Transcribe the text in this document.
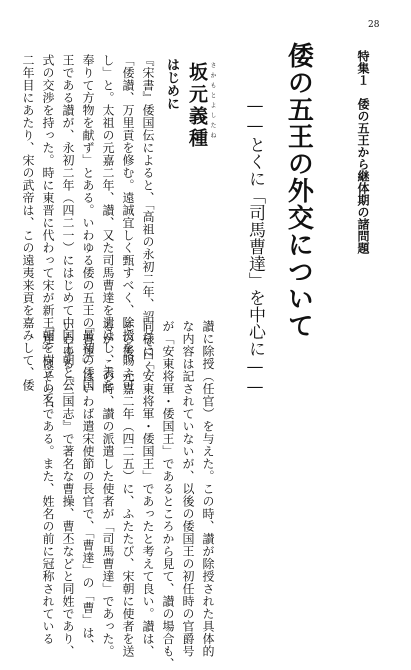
28
特集１　倭の五王から継体期の諸問題
倭の五王の外交について
——とくに「司馬曹達」を中心に——
さかもとよしたね
坂元義種
はじめに

『宋書』倭国伝によると、「高祖の永初二年、詔して曰く

「倭讃、万里貢を修む。遠誠宜しく甄すべく、除授を賜ふ可

し」と。太祖の元嘉二年、讃、又た司馬曹達を遣はし、表を

奉りて方物を献ず」とある。いわゆる倭の五王の最初の倭国

王である讃が、永初二年（四二一）にはじめて中国王朝と公

式の交渉を持った。時に東晋に代わって宋が新王朝を樹立して、

二年目にあたり、宋の武帝は、この遠夷来貢を嘉みして、倭

讃に除授（任官）を与えた。この時、讃が除授された具体的

な内容は記されていないが、以後の倭国王の初任時の官爵号

が「安東将軍・倭国王」であるところから見て、讃の場合も、

同様に「安東将軍・倭国王」であったと考えて良い。讃は、

その後、元嘉二年（四二五）に、ふたたび、宋朝に使者を送

るが、この時、讃の派遣した使者が「司馬曹達」であった。

「曹達」はいわば遣宋使節の長官で、「曹達」の「曹」は、

いわゆる『三国志』で著名な曹操、曹丕などと同姓であり、

「達」はその名である。また、姓名の前に冠称されている
